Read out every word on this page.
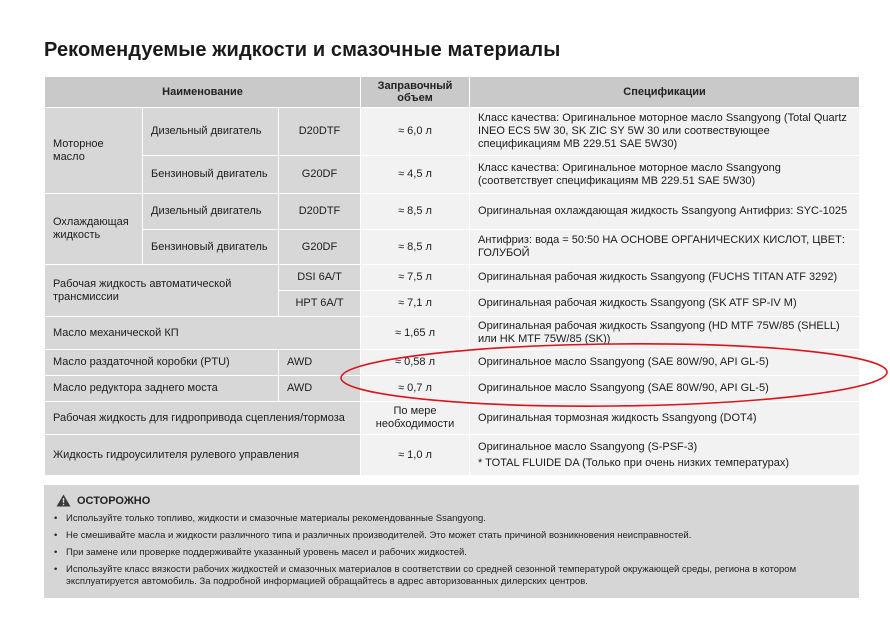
Рекомендуемые жидкости и смазочные материалы
Наименование			Заправочный объем	Спецификации
Моторное масло	Дизельный двигатель	D20DTF	≈ 6,0 л	Класс качества: Оригинальное моторное масло Ssangyong (Total Quartz INEO ECS 5W 30, SK ZIC SY 5W 30 или соотвествующее спецификациям MB 229.51 SAE 5W30)
	Бензиновый двигатель	G20DF	≈ 4,5 л	Класс качества: Оригинальное моторное масло Ssangyong (соответствует спецификациям MB 229.51 SAE 5W30)
Охлаждающая жидкость	Дизельный двигатель	D20DTF	≈ 8,5 л	Оригинальная охлаждающая жидкость Ssangyong Антифриз: SYC-1025
	Бензиновый двигатель	G20DF	≈ 8,5 л	Антифриз: вода = 50:50 НА ОСНОВЕ ОРГАНИЧЕСКИХ КИСЛОТ, ЦВЕТ: ГОЛУБОЙ
Рабочая жидкость автоматической трансмиссии		DSI 6A/T	≈ 7,5 л	Оригинальная рабочая жидкость Ssangyong (FUCHS TITAN ATF 3292)
		HPT 6A/T	≈ 7,1 л	Оригинальная рабочая жидкость Ssangyong (SK ATF SP-IV M)
Масло механической КП			≈ 1,65 л	Оригинальная рабочая жидкость Ssangyong (HD MTF 75W/85 (SHELL) или HK MTF 75W/85 (SK))
Масло раздаточной коробки (PTU)		AWD	≈ 0,58 л	Оригинальное масло Ssangyong (SAE 80W/90, API GL-5)
Масло редуктора заднего моста		AWD	≈ 0,7 л	Оригинальное масло Ssangyong (SAE 80W/90, API GL-5)
Рабочая жидкость для гидропривода сцепления/тормоза			По мере необходимости	Оригинальная тормозная жидкость Ssangyong (DOT4)
Жидкость гидроусилителя рулевого управления			≈ 1,0 л	Оригинальное масло Ssangyong (S-PSF-3)
* TOTAL FLUIDE DA (Только при очень низких температурах)
ОСТОРОЖНО
• Используйте только топливо, жидкости и смазочные материалы рекомендованные Ssangyong.
• Не смешивайте масла и жидкости различного типа и различных производителей. Это может стать причиной возникновения неисправностей.
• При замене или проверке поддерживайте указанный уровень масел и рабочих жидкостей.
• Используйте класс вязкости рабочих жидкостей и смазочных материалов в соответствии со средней сезонной температурой окружающей среды, региона в котором эксплуатируется автомобиль. За подробной информацией обращайтесь в адрес авторизованных дилерских центров.
